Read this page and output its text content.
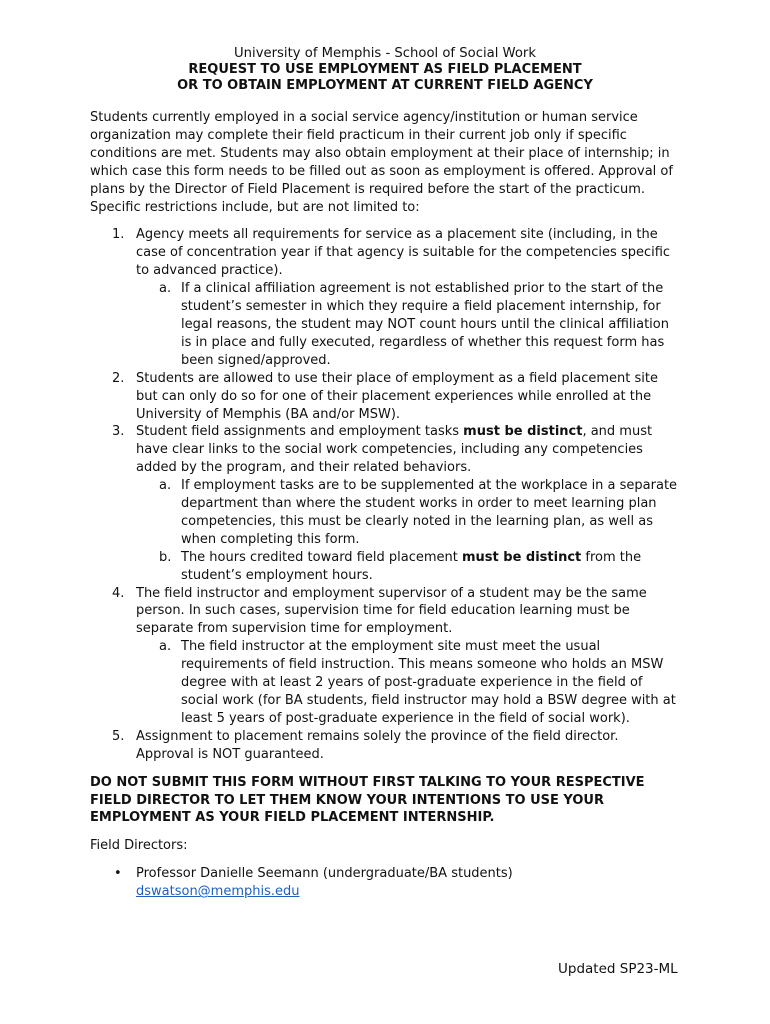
University of Memphis - School of Social Work
REQUEST TO USE EMPLOYMENT AS FIELD PLACEMENT
OR TO OBTAIN EMPLOYMENT AT CURRENT FIELD AGENCY

Students currently employed in a social service agency/institution or human service organization may complete their field practicum in their current job only if specific conditions are met. Students may also obtain employment at their place of internship; in which case this form needs to be filled out as soon as employment is offered. Approval of plans by the Director of Field Placement is required before the start of the practicum. Specific restrictions include, but are not limited to:

1. Agency meets all requirements for service as a placement site (including, in the case of concentration year if that agency is suitable for the competencies specific to advanced practice).
a. If a clinical affiliation agreement is not established prior to the start of the student’s semester in which they require a field placement internship, for legal reasons, the student may NOT count hours until the clinical affiliation is in place and fully executed, regardless of whether this request form has been signed/approved.
2. Students are allowed to use their place of employment as a field placement site but can only do so for one of their placement experiences while enrolled at the University of Memphis (BA and/or MSW).
3. Student field assignments and employment tasks must be distinct, and must have clear links to the social work competencies, including any competencies added by the program, and their related behaviors.
a. If employment tasks are to be supplemented at the workplace in a separate department than where the student works in order to meet learning plan competencies, this must be clearly noted in the learning plan, as well as when completing this form.
b. The hours credited toward field placement must be distinct from the student’s employment hours.
4. The field instructor and employment supervisor of a student may be the same person. In such cases, supervision time for field education learning must be separate from supervision time for employment.
a. The field instructor at the employment site must meet the usual requirements of field instruction. This means someone who holds an MSW degree with at least 2 years of post-graduate experience in the field of social work (for BA students, field instructor may hold a BSW degree with at least 5 years of post-graduate experience in the field of social work).
5. Assignment to placement remains solely the province of the field director. Approval is NOT guaranteed.
DO NOT SUBMIT THIS FORM WITHOUT FIRST TALKING TO YOUR RESPECTIVE FIELD DIRECTOR TO LET THEM KNOW YOUR INTENTIONS TO USE YOUR EMPLOYMENT AS YOUR FIELD PLACEMENT INTERNSHIP.
Field Directors:
• Professor Danielle Seemann (undergraduate/BA students)
dswatson@memphis.edu
Updated SP23-ML
